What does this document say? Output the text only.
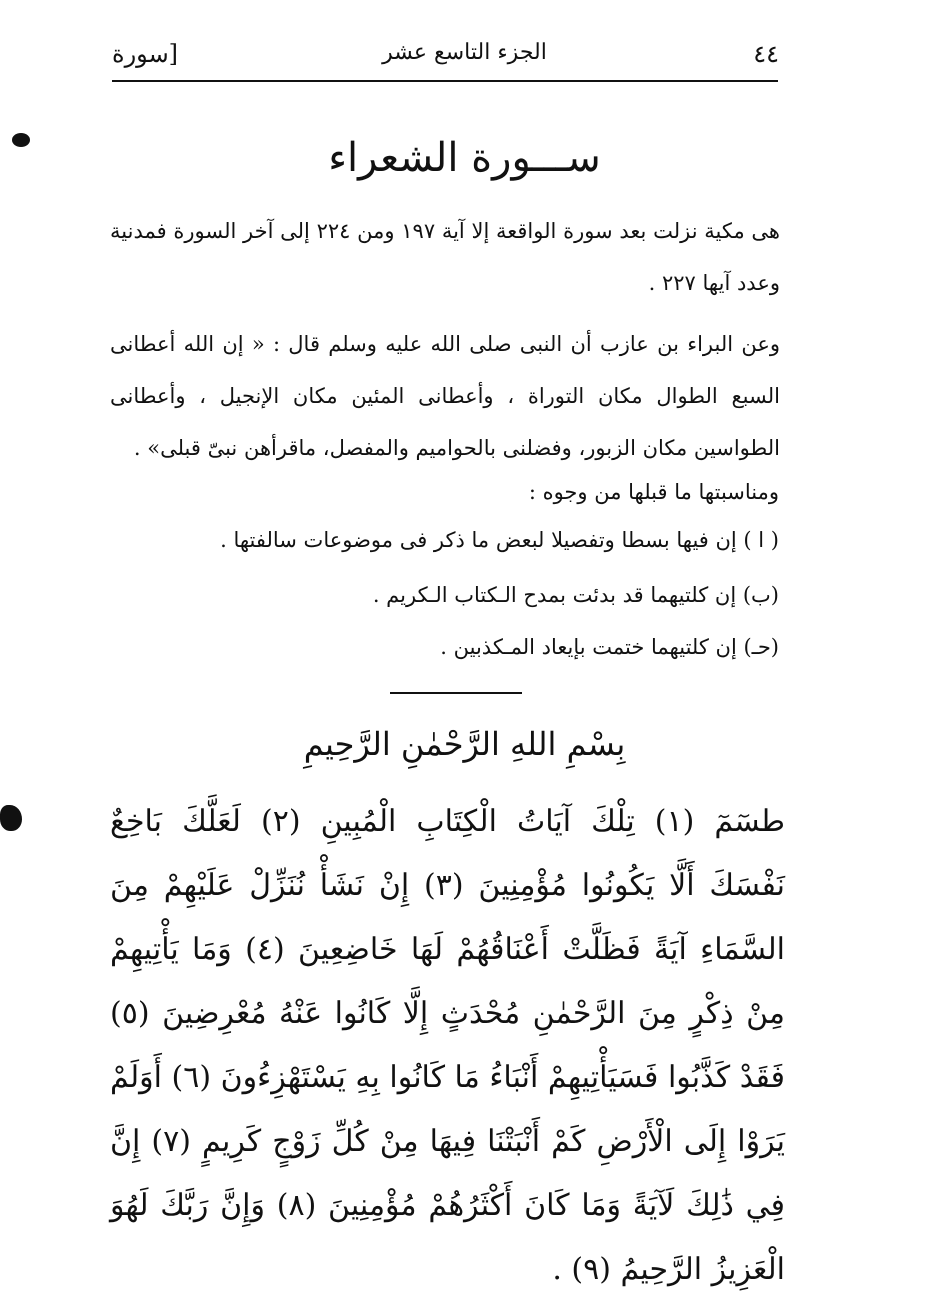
٤٤
الجزء التاسع عشر
[سورة
ســـورة الشعراء

هى مكية نزلت بعد سورة الواقعة إلا آية ١٩٧ ومن ٢٢٤ إلى آخر السورة فمدنية وعدد آيها ٢٢٧ .

وعن البراء بن عازب أن النبى صلى الله عليه وسلم قال : « إن الله أعطانى السبع الطوال مكان التوراة ، وأعطانى المئين مكان الإنجيل ، وأعطانى الطواسين مكان الزبور، وفضلنى بالحواميم والمفصل، ماقرأهن نبىّ قبلى» .

ومناسبتها ما قبلها من وجوه :
( ا ) إن فيها بسطا وتفصيلا لبعض ما ذكر فى موضوعات سالفتها .
(ب) إن كلتيهما قد بدئت بمدح الـكتاب الـكريم .
(حـ) إن كلتيهما ختمت بإيعاد المـكذبين .
بِسْمِ اللهِ الرَّحْمٰنِ الرَّحِيمِ

طسٓمٓ (١) تِلْكَ آيَاتُ الْكِتَابِ الْمُبِينِ (٢) لَعَلَّكَ بَاخِعٌ نَفْسَكَ أَلَّا يَكُونُوا مُؤْمِنِينَ (٣) إِنْ نَشَأْ نُنَزِّلْ عَلَيْهِمْ مِنَ السَّمَاءِ آيَةً فَظَلَّتْ أَعْنَاقُهُمْ لَهَا خَاضِعِينَ (٤) وَمَا يَأْتِيهِمْ مِنْ ذِكْرٍ مِنَ الرَّحْمٰنِ مُحْدَثٍ إِلَّا كَانُوا عَنْهُ مُعْرِضِينَ (٥) فَقَدْ كَذَّبُوا فَسَيَأْتِيهِمْ أَنْبَاءُ مَا كَانُوا بِهِ يَسْتَهْزِءُونَ (٦) أَوَلَمْ يَرَوْا إِلَى الْأَرْضِ كَمْ أَنْبَتْنَا فِيهَا مِنْ كُلِّ زَوْجٍ كَرِيمٍ (٧) إِنَّ فِي ذَٰلِكَ لَآيَةً وَمَا كَانَ أَكْثَرُهُمْ مُؤْمِنِينَ (٨) وَإِنَّ رَبَّكَ لَهُوَ الْعَزِيزُ الرَّحِيمُ (٩) .
